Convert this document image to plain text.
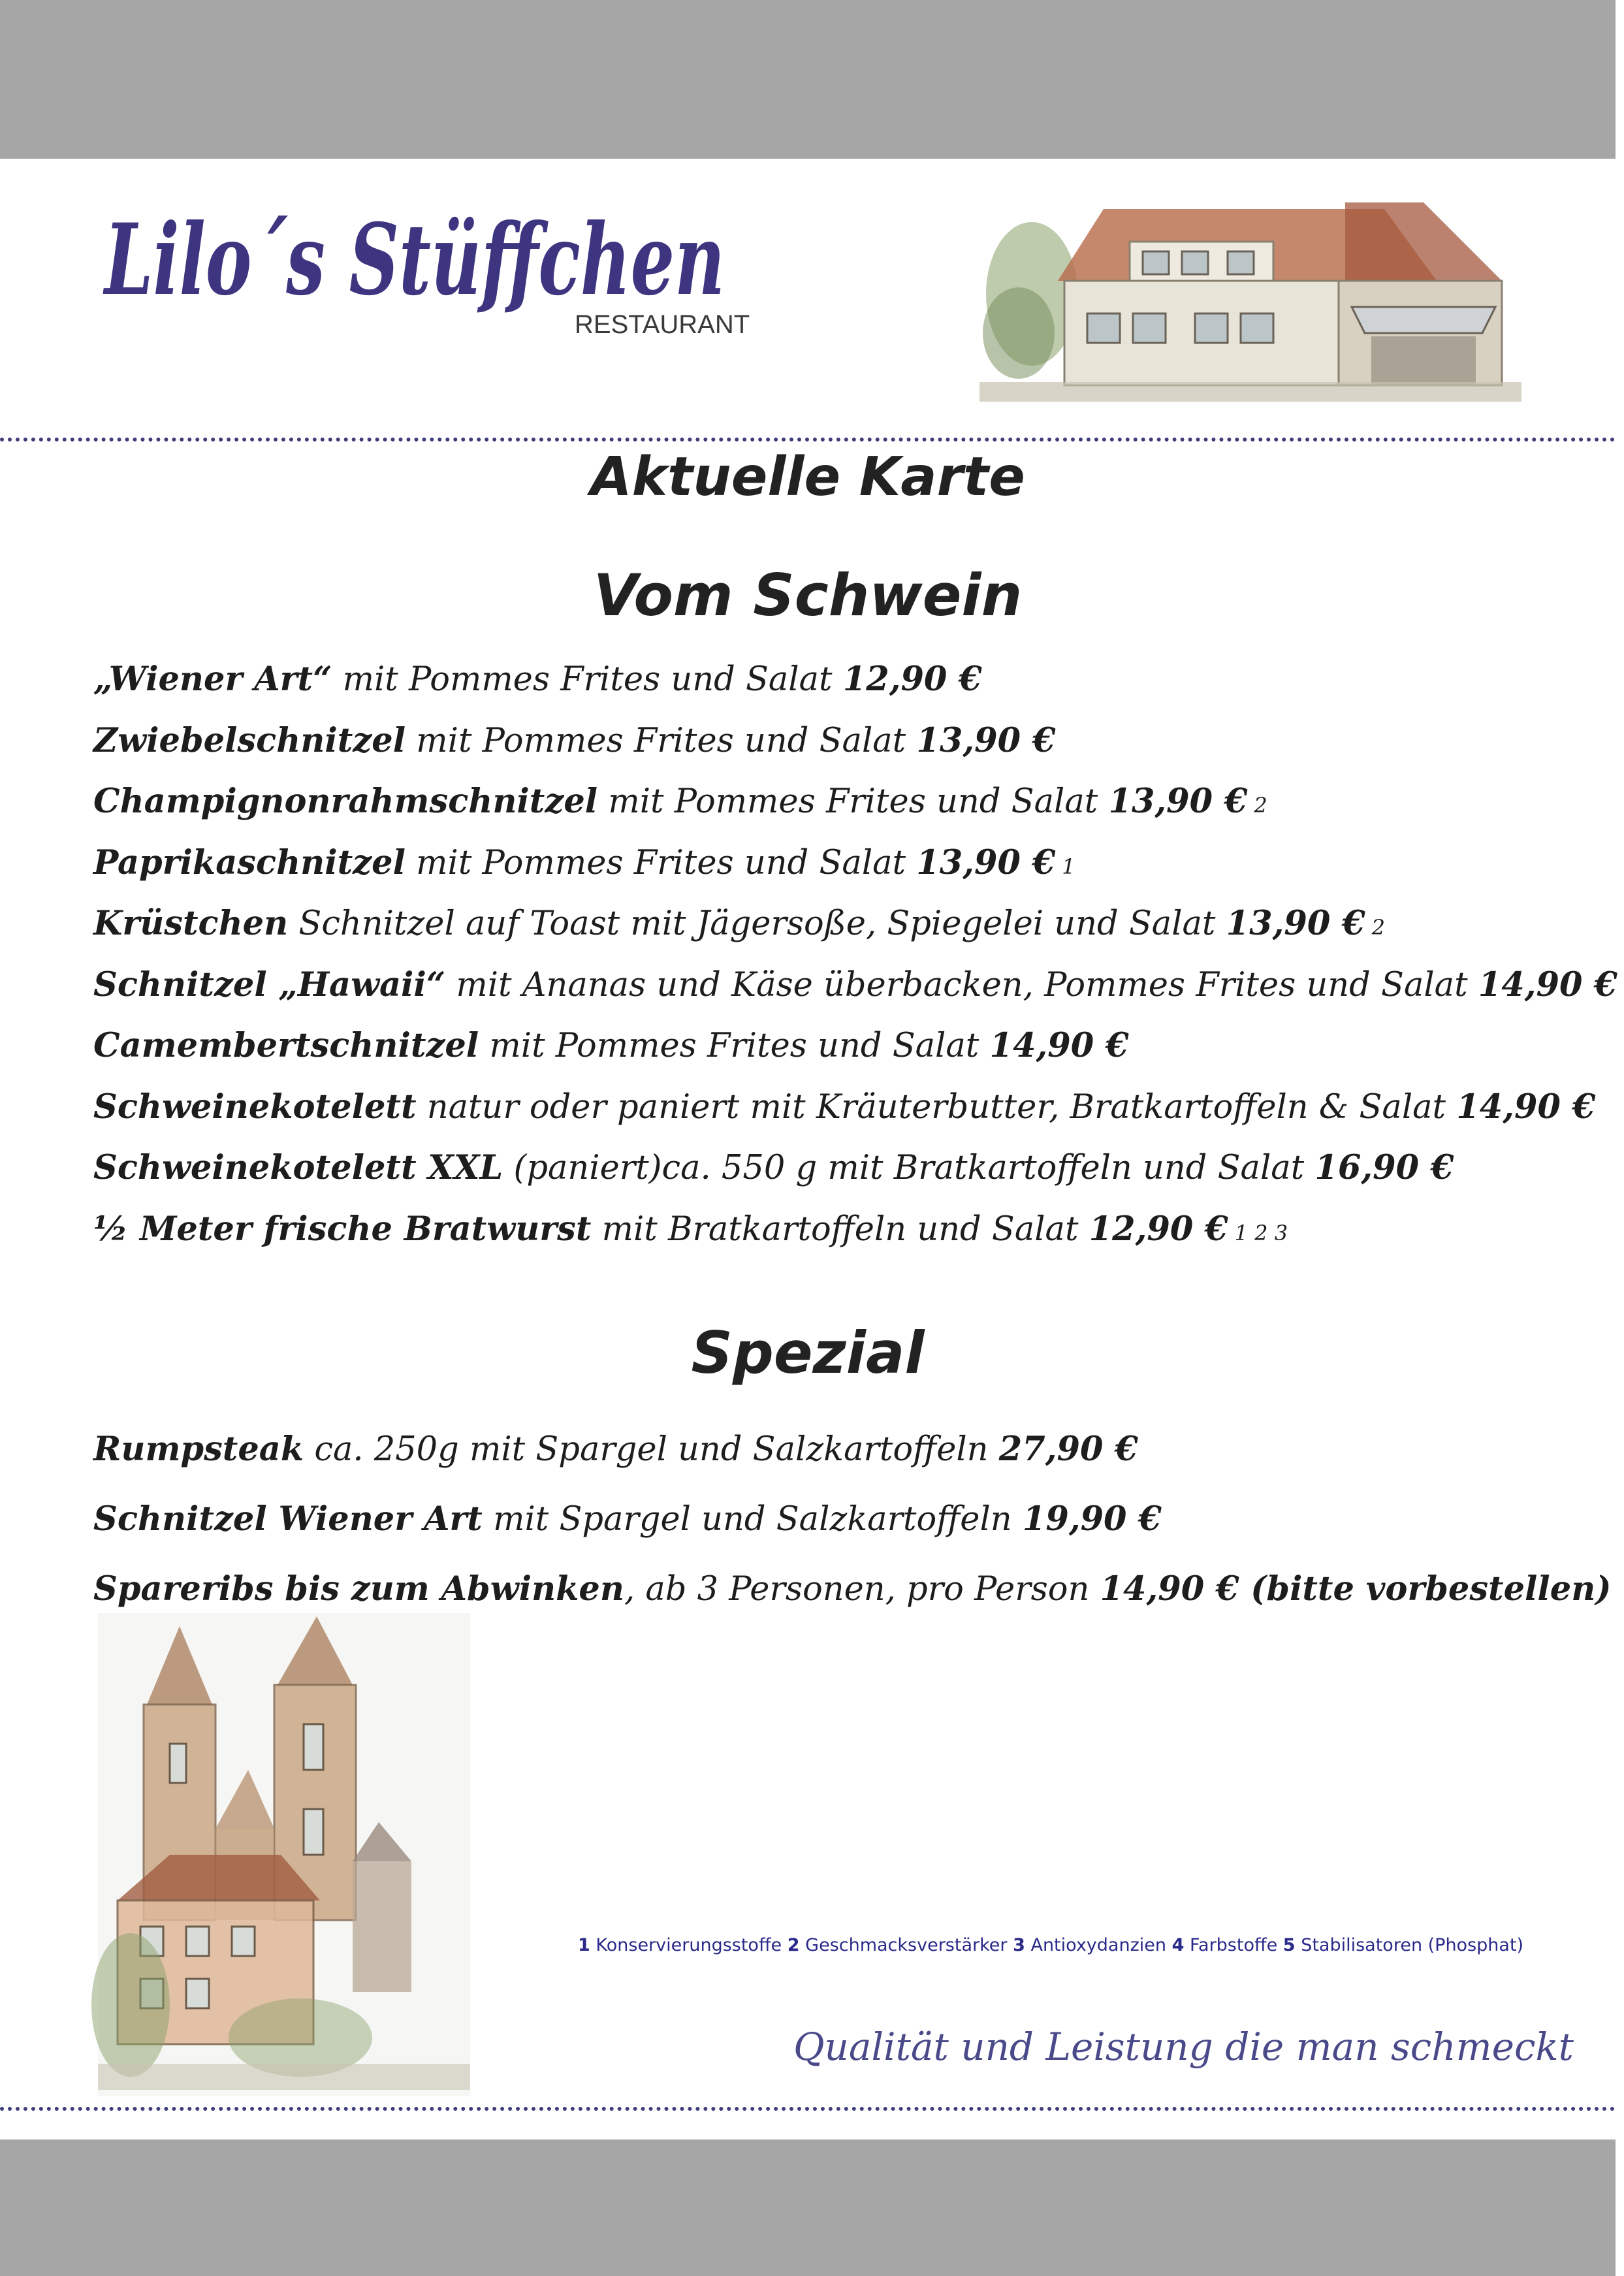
Lilo´s Stüffchen
RESTAURANT
Aktuelle Karte
Vom Schwein
„Wiener Art“ mit Pommes Frites und Salat 12,90 €
Zwiebelschnitzel mit Pommes Frites und Salat 13,90 €
Champignonrahmschnitzel mit Pommes Frites und Salat 13,90 € 2
Paprikaschnitzel mit Pommes Frites und Salat 13,90 € 1
Krüstchen Schnitzel auf Toast mit Jägersoße, Spiegelei und Salat 13,90 € 2
Schnitzel „Hawaii“ mit Ananas und Käse überbacken, Pommes Frites und Salat 14,90 €
Camembertschnitzel mit Pommes Frites und Salat 14,90 €
Schweinekotelett natur oder paniert mit Kräuterbutter, Bratkartoffeln & Salat 14,90 €
Schweinekotelett XXL (paniert)ca. 550 g mit Bratkartoffeln und Salat 16,90 €
½ Meter frische Bratwurst mit Bratkartoffeln und Salat 12,90 € 1 2 3
Spezial
Rumpsteak ca. 250g mit Spargel und Salzkartoffeln 27,90 €
Schnitzel Wiener Art mit Spargel und Salzkartoffeln 19,90 €
Spareribs bis zum Abwinken, ab 3 Personen, pro Person 14,90 € (bitte vorbestellen)
1 Konservierungsstoffe 2 Geschmacksverstärker 3 Antioxydanzien 4 Farbstoffe 5 Stabilisatoren (Phosphat)
Qualität und Leistung die man schmeckt
